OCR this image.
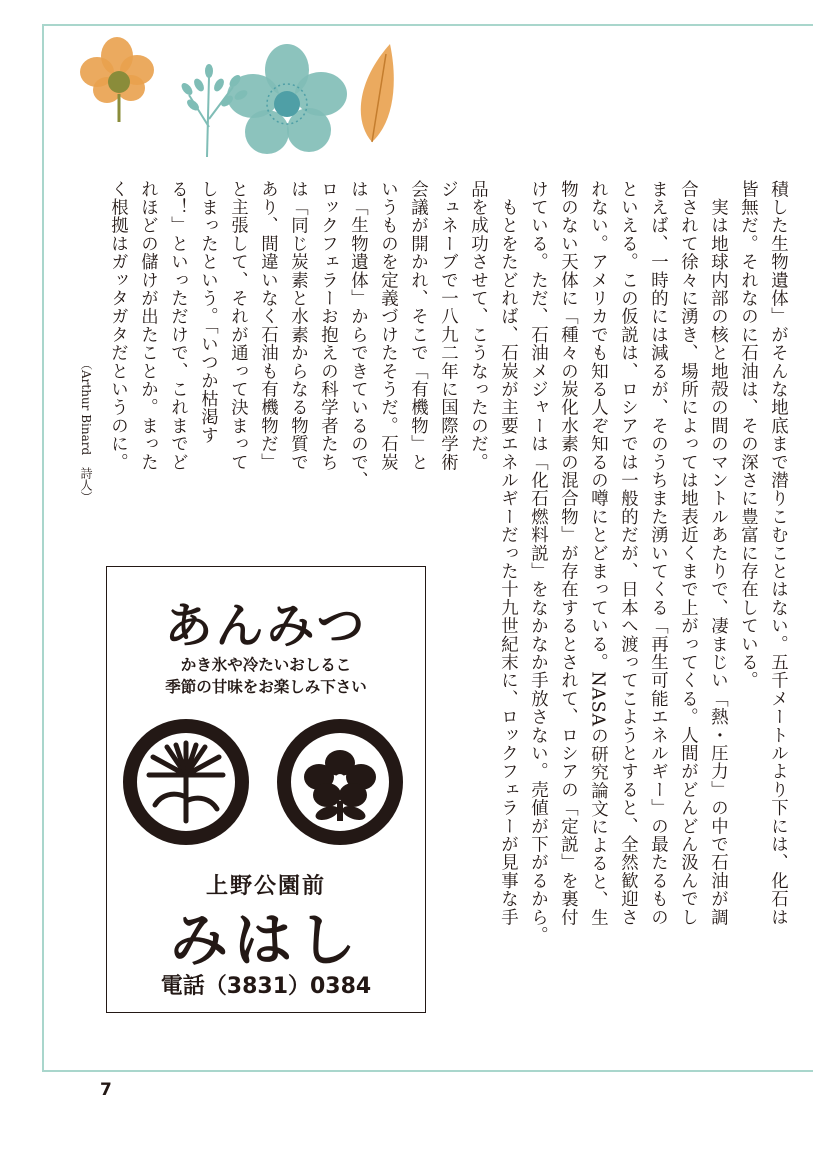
積した生物遺体」がそんな地底まで潜りこむことはない。五千メートルより下には、化石は
皆無だ。それなのに石油は、その深さに豊富に存在している。
　実は地球内部の核と地殻の間のマントルあたりで、凄まじい「熱・圧力」の中で石油が調
合されて徐々に湧き、場所によっては地表近くまで上がってくる。人間がどんどん汲んでし
まえば、一時的には減るが、そのうちまた湧いてくる「再生可能エネルギー」の最たるもの
といえる。この仮説は、ロシアでは一般的だが、日本へ渡ってこようとすると、全然歓迎さ
れない。アメリカでも知る人ぞ知るの噂にとどまっている。NASAの研究論文によると、生
物のない天体に「種々の炭化水素の混合物」が存在するとされて、ロシアの「定説」を裏付
けている。ただ、石油メジャーは「化石燃料説」をなかなか手放さない。売値が下がるから。
　もとをたどれば、石炭が主要エネルギーだった十九世紀末に、ロックフェラーが見事な手
品を成功させて、こうなったのだ。
ジュネーブで一八九二年に国際学術
会議が開かれ、そこで「有機物」と
いうものを定義づけたそうだ。石炭
は「生物遺体」からできているので、
ロックフェラーお抱えの科学者たち
は「同じ炭素と水素からなる物質で
あり、間違いなく石油も有機物だ」
と主張して、それが通って決まって
しまったという。「いつか枯渇す
る！」といっただけで、これまでど
れほどの儲けが出たことか。まった
く根拠はガッタガタだというのに。
（Arthur Binard　詩人）
あんみつ
かき氷や冷たいおしるこ
季節の甘味をお楽しみ下さい
上野公園前
みはし
電話（3831）0384
7
